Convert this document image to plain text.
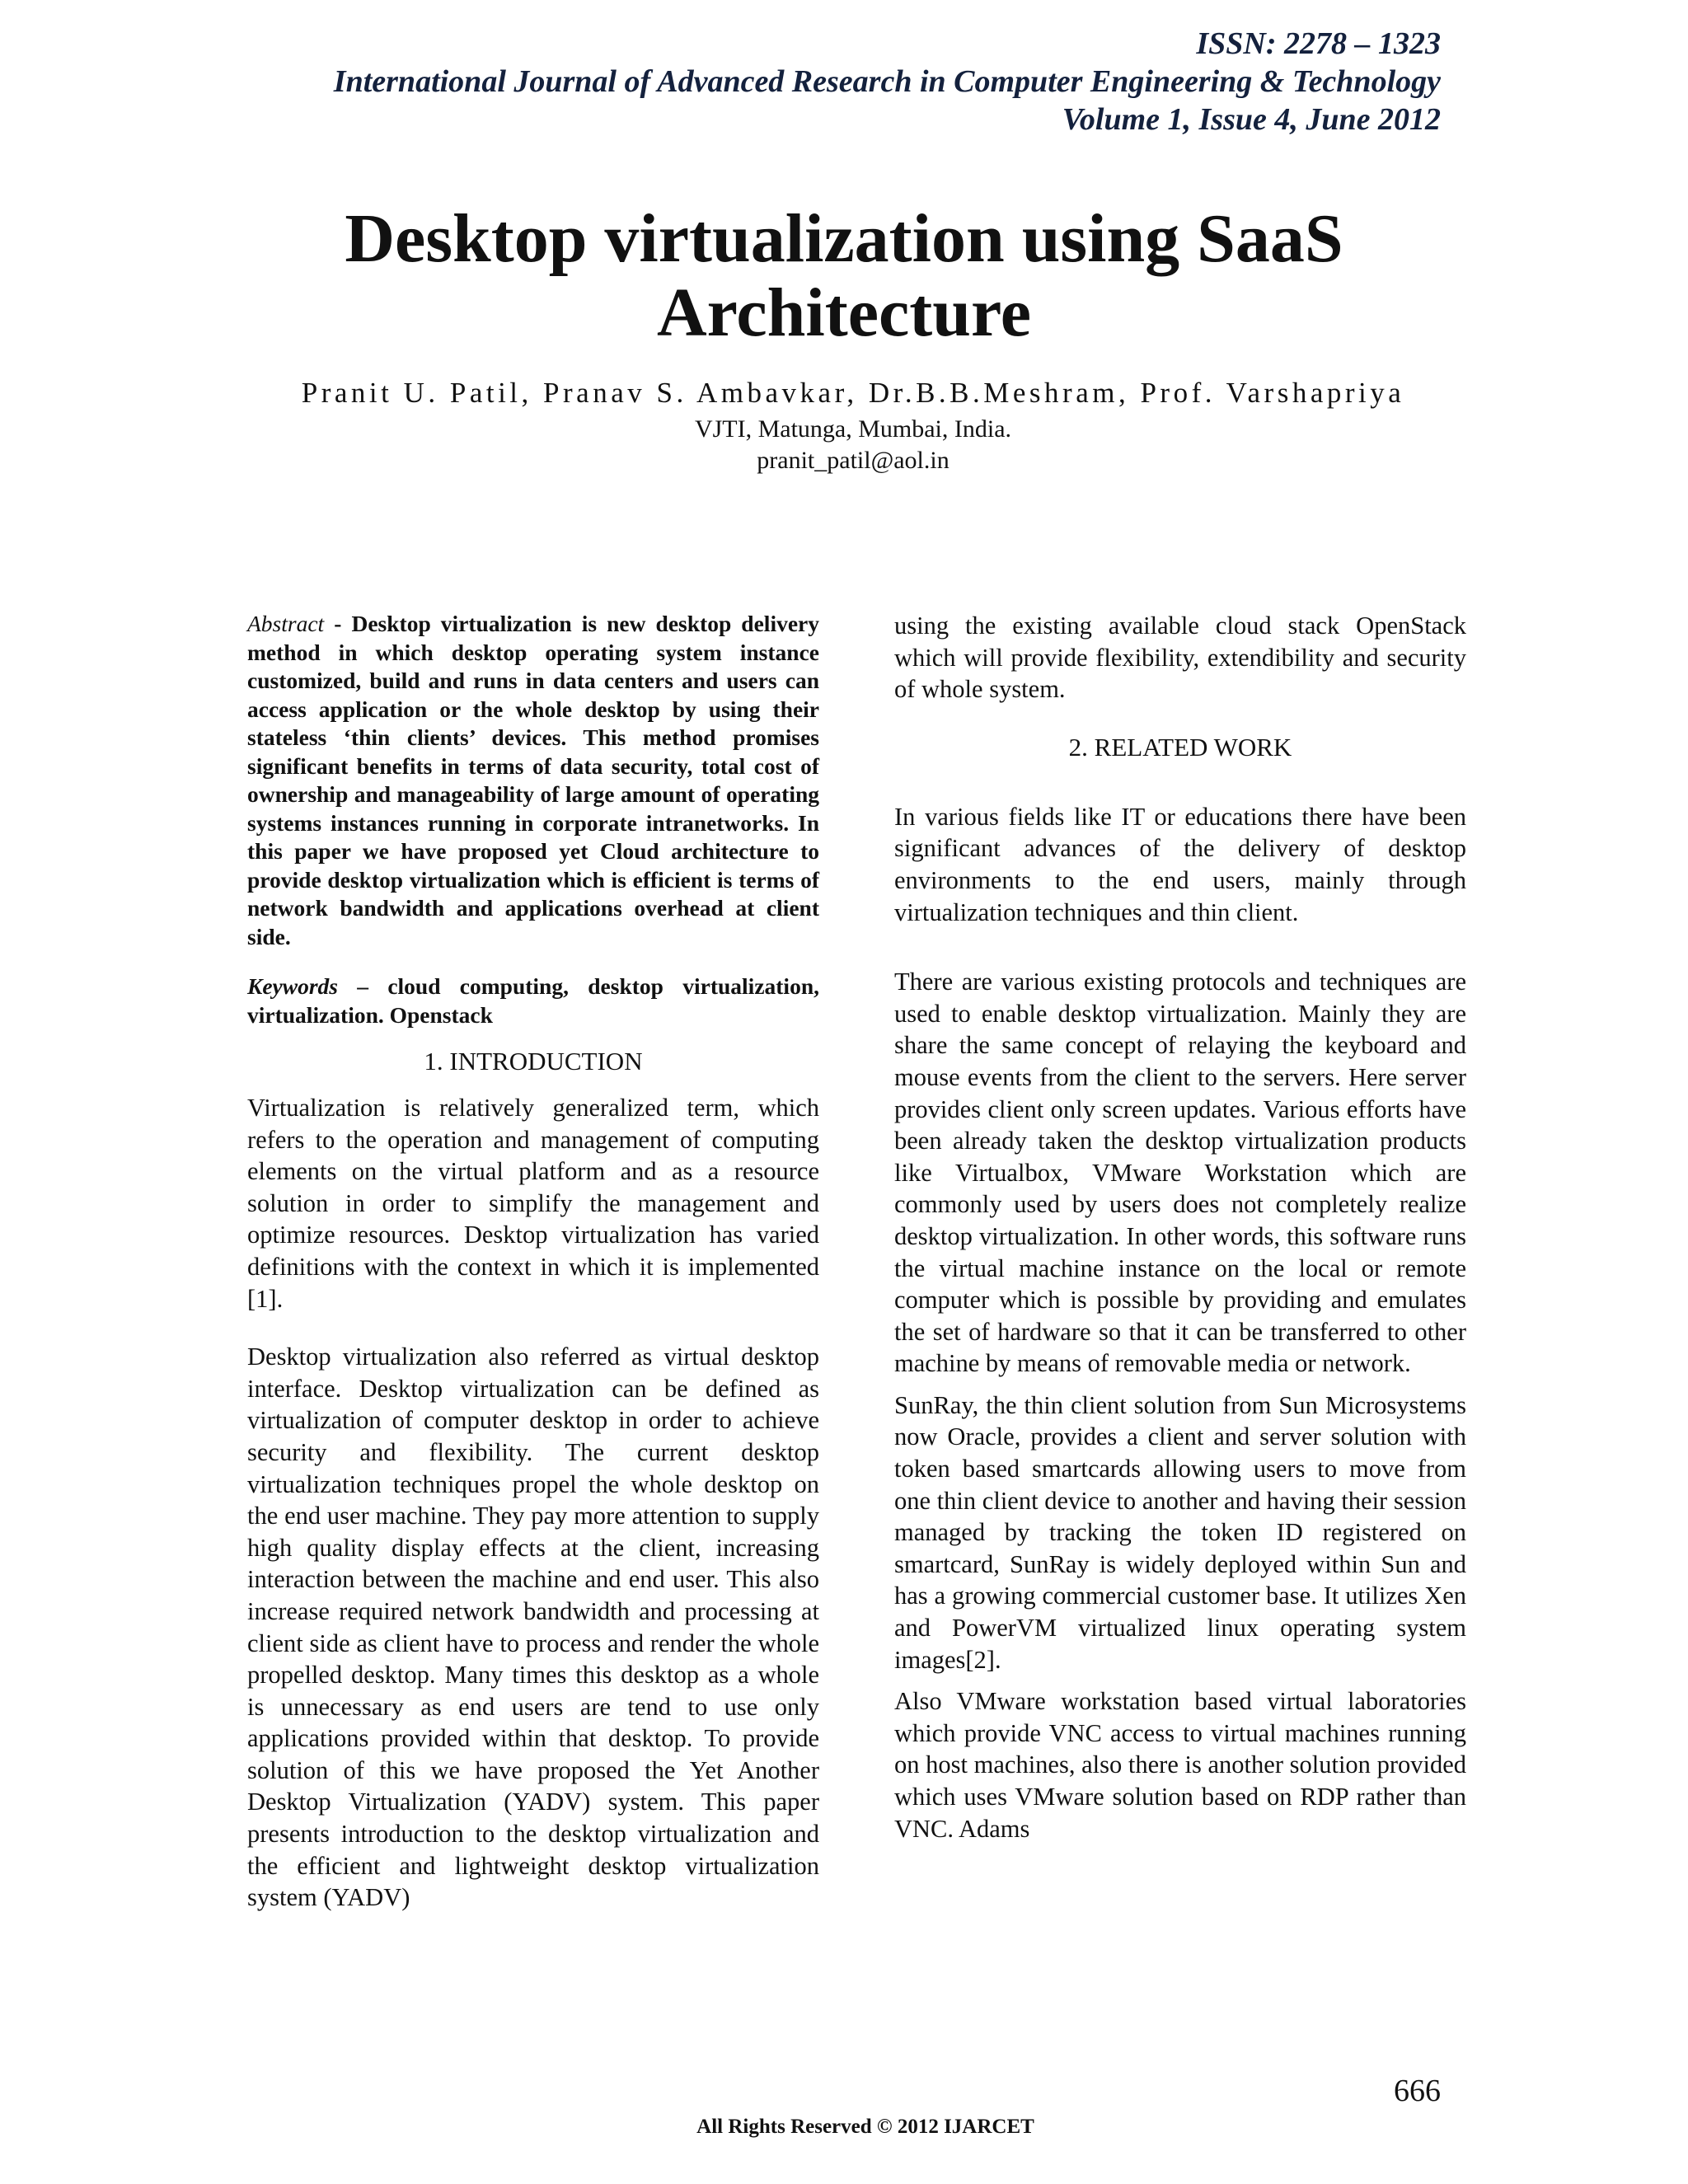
ISSN: 2278 – 1323
International Journal of Advanced Research in Computer Engineering & Technology
Volume 1, Issue 4, June 2012
Desktop virtualization using SaaS
Architecture
Pranit U. Patil, Pranav S. Ambavkar, Dr.B.B.Meshram, Prof. Varshapriya
VJTI, Matunga, Mumbai, India.
pranit_patil@aol.in

Abstract - Desktop virtualization is new desktop delivery method in which desktop operating system instance customized, build and runs in data centers and users can access application or the whole desktop by using their stateless ‘thin clients’ devices. This method promises significant benefits in terms of data security, total cost of ownership and manageability of large amount of operating systems instances running in corporate intranetworks. In this paper we have proposed yet Cloud architecture to provide desktop virtualization which is efficient is terms of network bandwidth and applications overhead at client side.

Keywords – cloud computing, desktop virtualization, virtualization. Openstack

1. INTRODUCTION

Virtualization is relatively generalized term, which refers to the operation and management of computing elements on the virtual platform and as a resource solution in order to simplify the management and optimize resources. Desktop virtualization has varied definitions with the context in which it is implemented [1].

Desktop virtualization also referred as virtual desktop interface. Desktop virtualization can be defined as virtualization of computer desktop in order to achieve security and flexibility. The current desktop virtualization techniques propel the whole desktop on the end user machine. They pay more attention to supply high quality display effects at the client, increasing interaction between the machine and end user. This also increase required network bandwidth and processing at client side as client have to process and render the whole propelled desktop. Many times this desktop as a whole is unnecessary as end users are tend to use only applications provided within that desktop. To provide solution of this we have proposed the Yet Another Desktop Virtualization (YADV) system. This paper presents introduction to the desktop virtualization and the efficient and lightweight desktop virtualization system (YADV)

using the existing available cloud stack OpenStack which will provide flexibility, extendibility and security of whole system.

2. RELATED WORK

In various fields like IT or educations there have been significant advances of the delivery of desktop environments to the end users, mainly through virtualization techniques and thin client.

There are various existing protocols and techniques are used to enable desktop virtualization. Mainly they are share the same concept of relaying the keyboard and mouse events from the client to the servers. Here server provides client only screen updates. Various efforts have been already taken the desktop virtualization products like Virtualbox, VMware Workstation which are commonly used by users does not completely realize desktop virtualization. In other words, this software runs the virtual machine instance on the local or remote computer which is possible by providing and emulates the set of hardware so that it can be transferred to other machine by means of removable media or network.

SunRay, the thin client solution from Sun Microsystems now Oracle, provides a client and server solution with token based smartcards allowing users to move from one thin client device to another and having their session managed by tracking the token ID registered on smartcard, SunRay is widely deployed within Sun and has a growing commercial customer base. It utilizes Xen and PowerVM virtualized linux operating system images[2].

Also VMware workstation based virtual laboratories which provide VNC access to virtual machines running on host machines, also there is another solution provided which uses VMware solution based on RDP rather than VNC. Adams

666
All Rights Reserved © 2012 IJARCET
